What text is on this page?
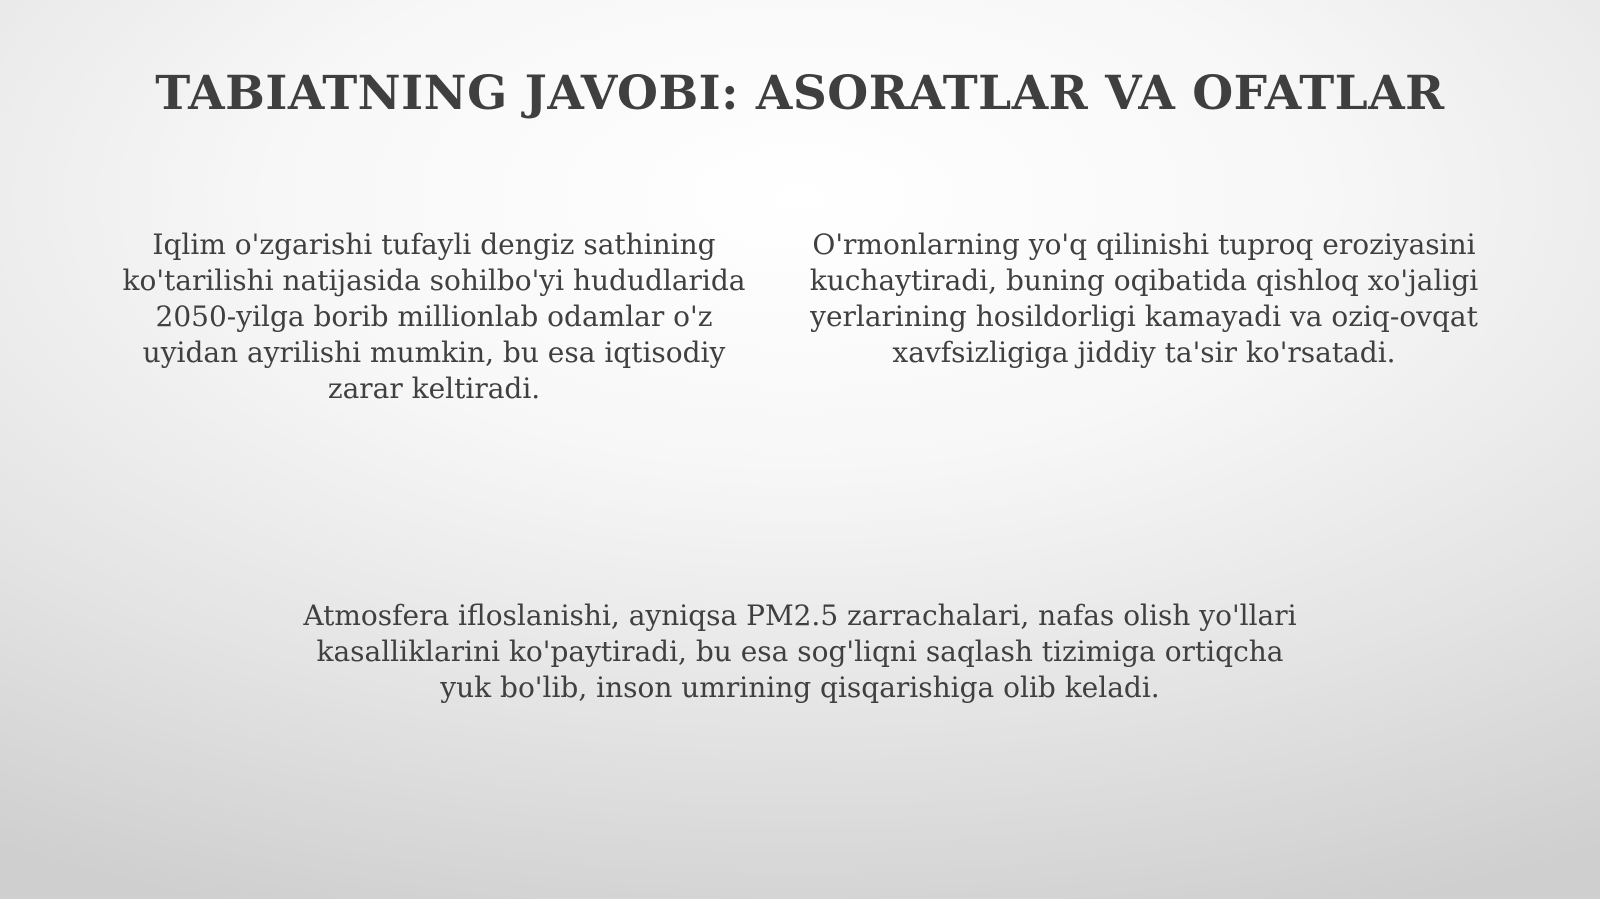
TABIATNING JAVOBI: ASORATLAR VA OFATLAR

Iqlim o'zgarishi tufayli dengiz sathining ko'tarilishi natijasida sohilbo'yi hududlarida 2050-yilga borib millionlab odamlar o'z uyidan ayrilishi mumkin, bu esa iqtisodiy zarar keltiradi.

O'rmonlarning yo'q qilinishi tuproq eroziyasini kuchaytiradi, buning oqibatida qishloq xo'jaligi yerlarining hosildorligi kamayadi va oziq-ovqat xavfsizligiga jiddiy ta'sir ko'rsatadi.

Atmosfera ifloslanishi, ayniqsa PM2.5 zarrachalari, nafas olish yo'llari kasalliklarini ko'paytiradi, bu esa sog'liqni saqlash tizimiga ortiqcha yuk bo'lib, inson umrining qisqarishiga olib keladi.
